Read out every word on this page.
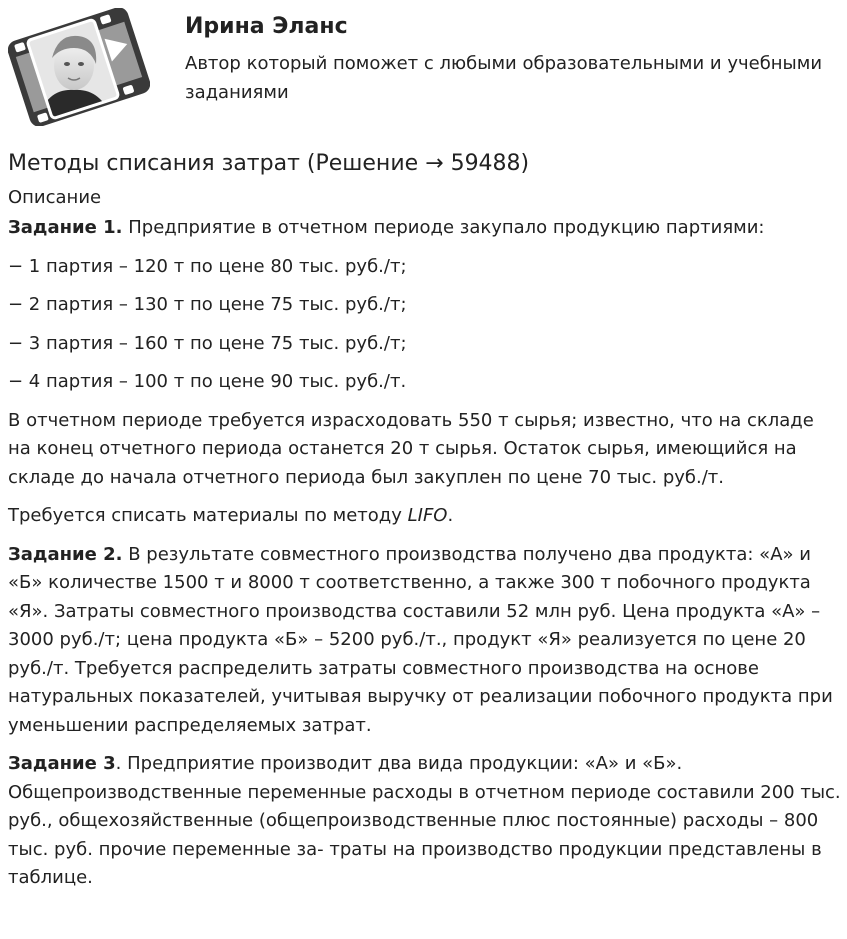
Ирина Эланс

Автор который поможет с любыми образовательными и учебными заданиями

Методы списания затрат (Решение → 59488)
Описание

Задание 1. Предприятие в отчетном периоде закупало продукцию партиями:

− 1 партия – 120 т по цене 80 тыс. руб./т;

− 2 партия – 130 т по цене 75 тыс. руб./т;

− 3 партия – 160 т по цене 75 тыс. руб./т;

− 4 партия – 100 т по цене 90 тыс. руб./т.

В отчетном периоде требуется израсходовать 550 т сырья; известно, что на складе на конец отчетного периода останется 20 т сырья. Остаток сырья, имеющийся на складе до начала отчетного периода был закуплен по цене 70 тыс. руб./т.

Требуется списать материалы по методу LIFO.

Задание 2. В результате совместного производства получено два продукта: «А» и «Б» количестве 1500 т и 8000 т соответственно, а также 300 т побочного продукта «Я». Затраты совместного производства составили 52 млн руб. Цена продукта «А» – 3000 руб./т; цена продукта «Б» – 5200 руб./т., продукт «Я» реализуется по цене 20 руб./т. Требуется распределить затраты совместного производства на основе натуральных показателей, учитывая выручку от реализации побочного продукта при уменьшении распределяемых затрат.

Задание 3. Предприятие производит два вида продукции: «А» и «Б». Общепроизводственные переменные расходы в отчетном периоде составили 200 тыс. руб., общехозяйственные (общепроизводственные плюс постоянные) расходы – 800 тыс. руб. прочие переменные за- траты на производство продукции представлены в таблице.
